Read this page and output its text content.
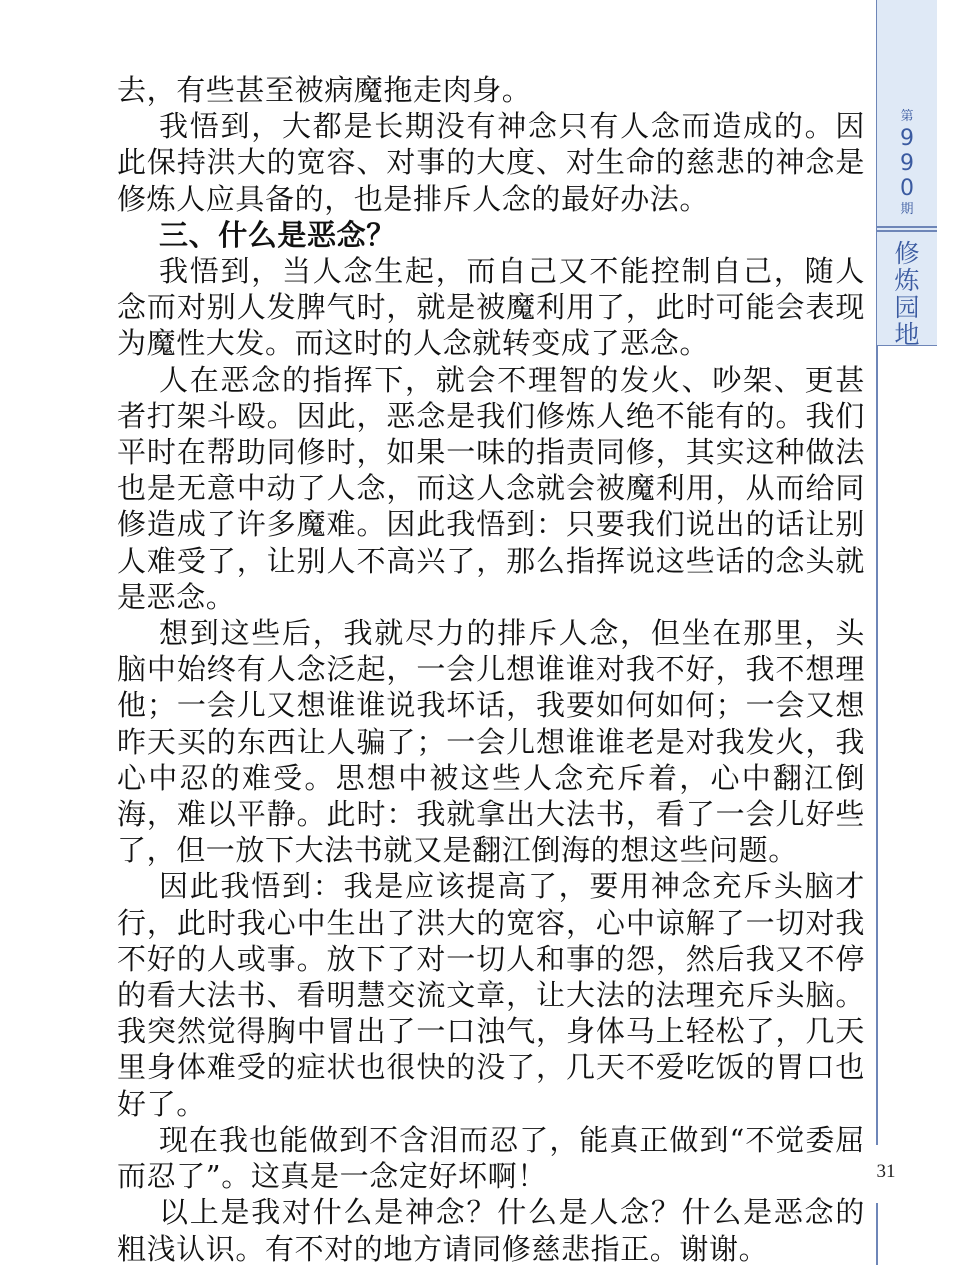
去，有些甚至被病魔拖走肉身。

我悟到，大都是长期没有神念只有人念而造成的。因此保持洪大的宽容、对事的大度、对生命的慈悲的神念是修炼人应具备的，也是排斥人念的最好办法。

三、什么是恶念？

我悟到，当人念生起，而自己又不能控制自己，随人念而对别人发脾气时，就是被魔利用了，此时可能会表现为魔性大发。而这时的人念就转变成了恶念。

人在恶念的指挥下，就会不理智的发火、吵架、更甚者打架斗殴。因此，恶念是我们修炼人绝不能有的。我们平时在帮助同修时，如果一味的指责同修，其实这种做法也是无意中动了人念，而这人念就会被魔利用，从而给同修造成了许多魔难。因此我悟到：只要我们说出的话让别人难受了，让别人不高兴了，那么指挥说这些话的念头就是恶念。

想到这些后，我就尽力的排斥人念，但坐在那里，头脑中始终有人念泛起，一会儿想谁谁对我不好，我不想理他；一会儿又想谁谁说我坏话，我要如何如何；一会又想昨天买的东西让人骗了；一会儿想谁谁老是对我发火，我心中忍的难受。思想中被这些人念充斥着，心中翻江倒海，难以平静。此时：我就拿出大法书，看了一会儿好些了，但一放下大法书就又是翻江倒海的想这些问题。

因此我悟到：我是应该提高了，要用神念充斥头脑才行，此时我心中生出了洪大的宽容，心中谅解了一切对我不好的人或事。放下了对一切人和事的怨，然后我又不停的看大法书、看明慧交流文章，让大法的法理充斥头脑。我突然觉得胸中冒出了一口浊气，身体马上轻松了，几天里身体难受的症状也很快的没了，几天不爱吃饭的胃口也好了。

现在我也能做到不含泪而忍了，能真正做到“不觉委屈而忍了”。这真是一念定好坏啊！

以上是我对什么是神念？什么是人念？什么是恶念的粗浅认识。有不对的地方请同修慈悲指正。谢谢。

第
990
期
修炼园地
31
